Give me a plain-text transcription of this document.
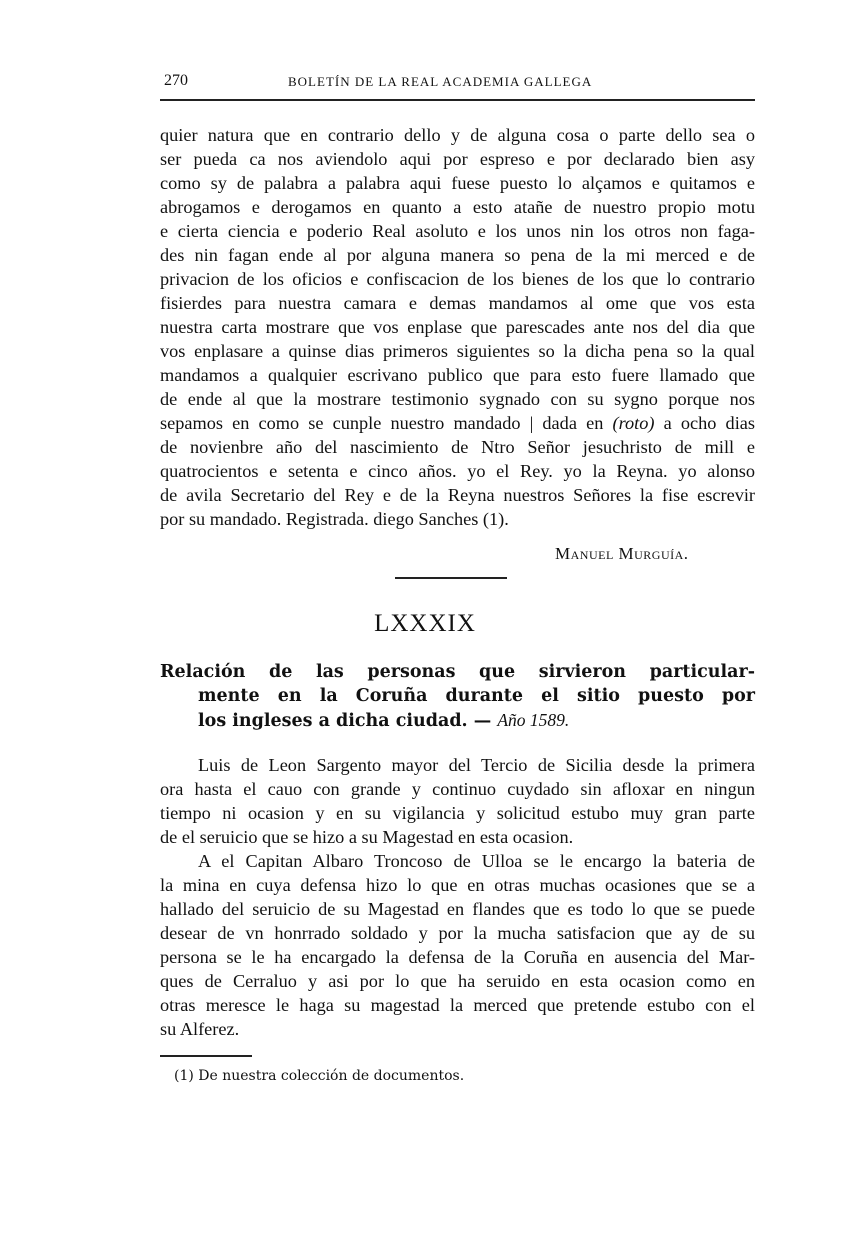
270	BOLETÍN DE LA REAL ACADEMIA GALLEGA
quier natura que en contrario dello y de alguna cosa o parte dello sea o
ser pueda ca nos aviendolo aqui por espreso e por declarado bien asy
como sy de palabra a palabra aqui fuese puesto lo alçamos e quitamos e
abrogamos e derogamos en quanto a esto atañe de nuestro propio motu
e cierta ciencia e poderio Real asoluto e los unos nin los otros non faga-
des nin fagan ende al por alguna manera so pena de la mi merced e de
privacion de los oficios e confiscacion de los bienes de los que lo contrario
fisierdes para nuestra camara e demas mandamos al ome que vos esta
nuestra carta mostrare que vos enplase que parescades ante nos del dia que
vos enplasare a quinse dias primeros siguientes so la dicha pena so la qual
mandamos a qualquier escrivano publico que para esto fuere llamado que
de ende al que la mostrare testimonio sygnado con su sygno porque nos
sepamos en como se cunple nuestro mandado | dada en (roto) a ocho dias
de novienbre año del nascimiento de Ntro Señor jesuchristo de mill e
quatrocientos e setenta e cinco años. yo el Rey. yo la Reyna. yo alonso
de avila Secretario del Rey e de la Reyna nuestros Señores la fise escrevir
por su mandado. Registrada. diego Sanches (1).
Manuel Murguía.
LXXXIX
Relación de las personas que sirvieron particular-
mente en la Coruña durante el sitio puesto por
los ingleses a dicha ciudad. — Año 1589.
Luis de Leon Sargento mayor del Tercio de Sicilia desde la primera
ora hasta el cauo con grande y continuo cuydado sin afloxar en ningun
tiempo ni ocasion y en su vigilancia y solicitud estubo muy gran parte
de el seruicio que se hizo a su Magestad en esta ocasion.
A el Capitan Albaro Troncoso de Ulloa se le encargo la bateria de
la mina en cuya defensa hizo lo que en otras muchas ocasiones que se a
hallado del seruicio de su Magestad en flandes que es todo lo que se puede
desear de vn honrrado soldado y por la mucha satisfacion que ay de su
persona se le ha encargado la defensa de la Coruña en ausencia del Mar-
ques de Cerraluo y asi por lo que ha seruido en esta ocasion como en
otras meresce le haga su magestad la merced que pretende estubo con el
su Alferez.
(1) De nuestra colección de documentos.
